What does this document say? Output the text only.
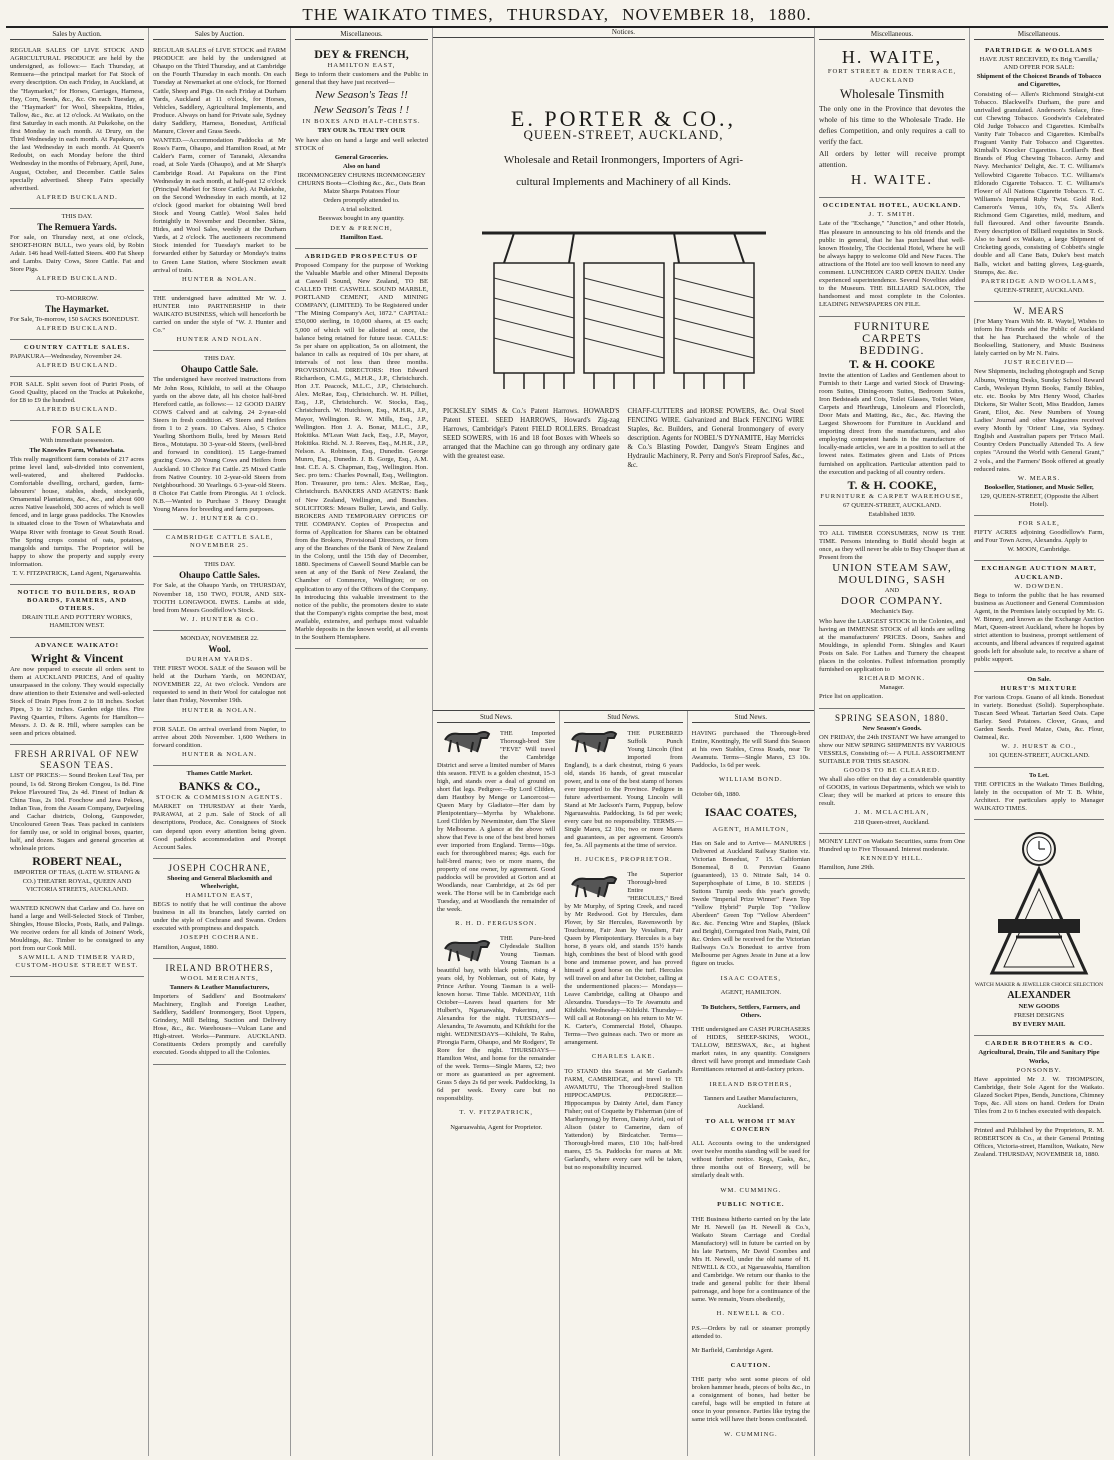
THE WAIKATO TIMES, THURSDAY, NOVEMBER 18, 1880.
Sales by Auction.

REGULAR SALES OF LIVE STOCK AND AGRICULTURAL PRODUCE are held by the undersigned, as follows:— Each Thursday, at Remuera—the principal market for Fat Stock of every description. On each Friday, in Auckland, at the "Haymarket," for Horses, Carriages, Harness, Hay, Corn, Seeds, &c., &c. On each Tuesday, at the "Haymarket" for Wool, Sheepskins, Hides, Tallow, &c., &c. at 12 o'clock. At Waikato, on the first Saturday in each month. At Pukekohe, on the first Monday in each month. At Drury, on the Third Wednesday in each month. At Papakura, on the last Wednesday in each month. At Queen's Redoubt, on each Monday before the third Wednesday in the months of February, April, June, August, October, and December. Cattle Sales specially advertised. Sheep Fairs specially advertised.

ALFRED BUCKLAND.

THIS DAY.

The Remuera Yards.

For sale, on Thursday next, at one o'clock, SHORT-HORN BULL, two years old, by Robin Adair. 146 head Well-fatted Steers. 400 Fat Sheep and Lambs. Dairy Cows, Store Cattle. Fat and Store Pigs.

ALFRED BUCKLAND.

TO-MORROW.

The Haymarket.

For Sale, To-morrow, 150 SACKS BONEDUST.

ALFRED BUCKLAND.

COUNTRY CATTLE SALES.

PAPAKURA—Wednesday, November 24.

ALFRED BUCKLAND.

FOR SALE. Split seven foot of Puriri Posts, of Good Quality, placed on the Tracks at Pukekohe, for £8 to £9 the hundred.

ALFRED BUCKLAND.

FOR SALE

With immediate possession.

The Knowles Farm, Whatawhata.

This really magnificent farm consists of 217 acres prime level land, sub-divided into convenient, well-watered, and sheltered Paddocks. Comfortable dwelling, orchard, garden, farm-labourers' house, stables, sheds, stockyards, Ornamental Plantations, &c., &c., and about 600 acres Native leasehold, 300 acres of which is well fenced, and in large grass paddocks. The Knowles is situated close to the Town of Whatawhata and Waipa River with frontage to Great South Road. The Spring crops consist of oats, potatoes, mangolds and turnips. The Proprietor will be happy to show the property and supply every information.

T. V. FITZPATRICK, Land Agent, Ngaruawahia.

NOTICE TO BUILDERS, ROAD BOARDS, FARMERS, AND OTHERS.

DRAIN TILE AND POTTERY WORKS, HAMILTON WEST.

ADVANCE WAIKATO!

Wright & Vincent

Are now prepared to execute all orders sent to them at AUCKLAND PRICES, And of quality unsurpassed in the colony. They would especially draw attention to their Extensive and well-selected Stock of Drain Pipes from 2 to 18 inches. Socket Pipes, 3 to 12 inches. Garden edge tiles. Fire Paving Quarries, Filters. Agents for Hamilton—Messrs. J. D. & R. Hill, where samples can be seen and prices obtained.

FRESH ARRIVAL OF NEW SEASON TEAS.

LIST OF PRICES:— Sound Broken Leaf Tea, per pound, 1s 6d. Strong Broken Congou, 1s 8d. Fine Pekoe Flavoured Tea, 2s 4d. Finest of Indian & China Teas, 2s 10d. Foochow and Java Pekoes, Indian Teas, from the Assam Company, Darjeeling and Cachar districts, Oolong, Gunpowder, Uncoloured Green Teas. Teas packed in canisters for family use, or sold in original boxes, quarter, half, and dozen. Sugars and general groceries at wholesale prices.

ROBERT NEAL,

IMPORTER OF TEAS, (LATE W. STRANG & CO.) THEATRE ROYAL, QUEEN AND VICTORIA STREETS, AUCKLAND.

WANTED KNOWN that Carlaw and Co. have on hand a large and Well-Selected Stock of Timber, Shingles, House Blocks, Posts, Rails, and Palings. We receive orders for all kinds of Joiners' Work, Mouldings, &c. Timber to be consigned to any port from our Cook Mill.

SAWMILL AND TIMBER YARD, CUSTOM-HOUSE STREET WEST.

Sales by Auction.

REGULAR SALES of LIVE STOCK and FARM PRODUCE are held by the undersigned at Ohaupo on the Third Thursday, and at Cambridge on the Fourth Thursday in each month. On each Tuesday at Newmarket at one o'clock, for Horned Cattle, Sheep and Pigs. On each Friday at Durham Yards, Auckland at 11 o'clock, for Horses, Vehicles, Saddlery, Agricultural Implements, and Produce. Always on hand for Private sale, Sydney dairy Saddlery, Harness, Bonedust, Artificial Manure, Clover and Grass Seeds.

WANTED.—Accommodation Paddocks at Mr Ross's Farm, Ohaupo, and Hamilton Road, at Mr Calder's Farm, corner of Taranaki, Alexandra road, at Sole Yards (Ohaupo), and at Mr Sharp's Cambridge Road. At Papakura on the First Wednesday in each month, at half-past 12 o'clock (Principal Market for Store Cattle). At Pukekohe, on the Second Wednesday in each month, at 12 o'clock (good market for obtaining Well bred Stock and Young Cattle). Wool Sales held fortnightly in November and December. Skins, Hides, and Wool Sales, weekly at the Durham Yards, at 2 o'clock. The auctioneers recommend Stock intended for Tuesday's market to be forwarded either by Saturday or Monday's trains to Green Lane Station, where Stockmen await arrival of train.

HUNTER & NOLAN.

THE undersigned have admitted Mr W. J. HUNTER into PARTNERSHIP in their WAIKATO BUSINESS, which will henceforth be carried on under the style of "W. J. Hunter and Co."

HUNTER AND NOLAN.

THIS DAY.

Ohaupo Cattle Sale.

The undersigned have received instructions from Mr John Ross, Kihikihi, to sell at the Ohaupo yards on the above date, all his choice half-bred Hereford cattle, as follows:— 12 GOOD DAIRY COWS Calved and at calving. 24 2-year-old Steers in fresh condition. 45 Steers and Heifers from 1 to 2 years. 10 Calves. Also, 5 Choice Yearling Shorthorn Bulls, bred by Messrs Reid Bros., Motutapu. 30 3-year-old Steers, (well-bred and forward in condition). 15 Large-framed grazing Cows. 20 Young Cows and Heifers from Auckland. 10 Choice Fat Cattle. 25 Mixed Cattle from Native Country. 10 2-year-old Steers from Neighbourhood. 30 Yearlings. 6 3-year-old Steers. 8 Choice Fat Cattle from Pirongia. At 1 o'clock. N.B.—Wanted to Purchase 3 Heavy Draught Young Mares for breeding and farm purposes.

W. J. HUNTER & CO.

CAMBRIDGE CATTLE SALE, NOVEMBER 25.

THIS DAY.

Ohaupo Cattle Sales.

For Sale, at the Ohaupo Yards, on THURSDAY, November 18, 150 TWO, FOUR, AND SIX-TOOTH LONGWOOL EWES. Lambs at side, bred from Messrs Goodfellow's Stock.

W. J. HUNTER & CO.

MONDAY, NOVEMBER 22.

Wool.

DURHAM YARDS.

THE FIRST WOOL SALE of the Season will be held at the Durham Yards, on MONDAY, NOVEMBER 22, At two o'clock. Vendors are requested to send in their Wool for catalogue not later than Friday, November 19th.

HUNTER & NOLAN.

FOR SALE. On arrival overland from Napier, to arrive about 20th November. 1,600 Wethers in forward condition.

HUNTER & NOLAN.

Thames Cattle Market.

BANKS & CO.,

STOCK & COMMISSION AGENTS.

MARKET on THURSDAY at their Yards, PARAWAI, at 2 p.m. Sale of Stock of all descriptions, Produce, &c. Consignees of Stock can depend upon every attention being given. Good paddock accommodation and Prompt Account Sales.

JOSEPH COCHRANE,

Shoeing and General Blacksmith and Wheelwright,

HAMILTON EAST,

BEGS to notify that he will continue the above business in all its branches, lately carried on under the style of Cochrane and Swann. Orders executed with promptness and despatch.

JOSEPH COCHRANE.

Hamilton, August, 1880.

IRELAND BROTHERS,

WOOL MERCHANTS,

Tanners & Leather Manufacturers,

Importers of Saddlers' and Bootmakers' Machinery, English and Foreign Leather, Saddlery, Saddlers' Ironmongery, Boot Uppers, Grindery, Mill Belting, Suction and Delivery Hose, &c., &c. Warehouses—Vulcan Lane and High-street. Works—Panmure. AUCKLAND. Constituents Orders promptly and carefully executed. Goods shipped to all the Colonies.

Miscellaneous.

DEY & FRENCH,

HAMILTON EAST,

Begs to inform their customers and the Public in general that they have just received—

New Season's Teas !!

New Season's Teas ! !

IN BOXES AND HALF-CHESTS.

TRY OUR 3s. TEA! TRY OUR

We have also on hand a large and well selected STOCK of

General Groceries.

Also on hand

IRONMONGERY CHURNS IRONMONGERY CHURNS Boots—Clothing &c., &c., Oats Bran Maize Sharps Potatoes Flour

Orders promptly attended to.

A trial solicited.

Beeswax bought in any quantity.

DEY & FRENCH,

Hamilton East.

ABRIDGED PROSPECTUS OF

Proposed Company for the purpose of Working the Valuable Marble and other Mineral Deposits at Caswell Sound, New Zealand, TO BE CALLED THE CASWELL SOUND MARBLE, PORTLAND CEMENT, AND MINING COMPANY, (LIMITED). To be Registered under "The Mining Company's Act, 1872." CAPITAL: £50,000 sterling, in 10,000 shares, at £5 each; 5,000 of which will be allotted at once, the balance being retained for future issue. CALLS: 5s per share on application, 5s on allotment, the balance in calls as required of 10s per share, at intervals of not less than three months. PROVISIONAL DIRECTORS: Hon Edward Richardson, C.M.G., M.H.R., J.P., Christchurch. Hon J.T. Peacock, M.L.C., J.P., Christchurch. Alex. McRae, Esq., Christchurch. W. H. Pilliet, Esq., J.P., Christchurch. W. Stocks, Esq., Christchurch. W. Hutchison, Esq., M.H.R., J.P., Mayor, Wellington. R. W. Mills, Esq., J.P., Wellington. Hon J. A. Bonar, M.L.C., J.P., Hokitika. M'Lean Watt Jack, Esq., J.P., Mayor, Hokitika. Richd. N. J. Reeves, Esq., M.H.R., J.P., Nelson. A. Robinson, Esq., Dunedin. George Munro, Esq., Dunedin. J. B. Gorge, Esq., A.M. Inst. C.E. A. S. Chapman, Esq., Wellington. Hon. Sec. pro tem.: Charles Pownall, Esq., Wellington. Hon. Treasurer, pro tem.: Alex. McRae, Esq., Christchurch. BANKERS AND AGENTS: Bank of New Zealand, Wellington, and Branches. SOLICITORS: Messrs Buller, Lewis, and Gully. BROKERS AND TEMPORARY OFFICES OF THE COMPANY. Copies of Prospectus and forms of Application for Shares can be obtained from the Brokers, Provisional Directors, or from any of the Branches of the Bank of New Zealand in the Colony, until the 15th day of December, 1880. Specimens of Caswell Sound Marble can be seen at any of the Bank of New Zealand, the Chamber of Commerce, Wellington; or on application to any of the Officers of the Company. In introducing this valuable investment to the notice of the public, the promoters desire to state that the Company's rights comprise the best, most available, extensive, and perhaps most valuable Marble deposits in the known world, at all events in the Southern Hemisphere.

Notices.
E. PORTER & CO.,
QUEEN-STREET, AUCKLAND,
Wholesale and Retail Ironmongers, Importers of Agri-
cultural Implements and Machinery of all Kinds.
PICKSLEY SIMS & Co.'s Patent Harrows. HOWARD'S Patent STEEL SEED HARROWS, Howard's Zig-zag Harrows, Cambridge's Patent FIELD ROLLERS. Broadcast SEED SOWERS, with 16 and 18 foot Boxes with Wheels so arranged that the Machine can go through any ordinary gate with the greatest ease.
CHAFF-CUTTERS and HORSE POWERS, &c. Oval Steel FENCING WIRE. Galvanized and Black FENCING WIRE Staples, &c. Builders, and General Ironmongery of every description. Agents for NOBEL'S DYNAMITE, Hay Merricks & Co.'s Blasting Powder, Dangye's Steam Engines and Hydraulic Machinery, R. Perry and Son's Fireproof Safes, &c., &c.
Stud News.

THE Imported Thorough-bred Sire "FEVE" Will travel the Cambridge District and serve a limited number of Mares this season. FEVE is a golden chestnut, 15-3 high, and stands over a deal of ground on short flat legs. Pedigree:—By Lord Clifden, dam Hautboy by Menge or Lancercost—Queen Mary by Gladiator—Her dam by Plenipotentiary—Myrrha by Whalebone. Lord Clifden by Newminster, dam The Slave by Melbourne. A glance at the above will show that Feve is one of the best bred horses ever imported from England. Terms—10gs. each for thoroughbred mares; 4gs. each for half-bred mares; two or more mares, the property of one owner, by agreement. Good paddocks will be provided at Gorton and at Woodlands, near Cambridge, at 2s 6d per week. The Horse will be in Cambridge each Tuesday, and at Woodlands the remainder of the week.

R. H. D. FERGUSSON.

THE Pure-bred Clydesdale Stallion Young Tasman. Young Tasman is a beautiful bay, with black points, rising 4 years old, by Nobleman, out of Kate, by Prince Arthur. Young Tasman is a well-known horse. Time Table. MONDAY, 11th October—Leaves head quarters for Mr Hulbert's, Ngaruawahia, Pukerimu, and Alexandra for the night. TUESDAYS—Alexandra, Te Awamutu, and Kihikihi for the night. WEDNESDAYS—Kihikihi, Te Rahu, Pirongia Farm, Ohaupo, and Mr Rodgers', Te Rore for the night. THURSDAYS—Hamilton West, and home for the remainder of the week. Terms—Single Mares, £2; two or more as guaranteed as per agreement. Grass 5 days 2s 6d per week. Paddocking, 1s 6d per week. Every care but no responsibility.

T. V. FITZPATRICK,

Ngaruawahia, Agent for Proprietor.

Stud News.

THE PUREBRED Suffolk Punch Young Lincoln (first imported from England), is a dark chestnut, rising 6 years old, stands 16 hands, of great muscular power, and is one of the best stamp of horses ever imported to the Province. Pedigree in future advertisement. Young Lincoln will Stand at Mr Jackson's Farm, Puppup, below Ngaruawahia. Paddocking, 1s 6d per week; every care but no responsibility. TERMS.—Single Mares, £2 10s; two or more Mares and guarantees, as per agreement. Groom's fee, 5s. All payments at the time of service.

H. JUCKES, PROPRIETOR.

The Superior Thorough-bred Entire "HERCULES," Bred by Mr Murphy, of Spring Creek, and raced by Mr Redwood. Got by Hercules, dam Plover, by Sir Hercules, Ravensworth by Touchstone, Fair Jean by Vestalism, Fair Queen by Plenipotentiary. Hercules is a bay horse, 8 years old, and stands 15½ hands high, combines the best of blood with good bone and immense power, and has proved himself a good horse on the turf. Hercules will travel on and after 1st October, calling at the undermentioned places:— Mondays—Leave Cambridge, calling at Ohaupo and Alexandra. Tuesdays—To Te Awamutu and Kihikihi. Wednesday—Kihikihi. Thursday—Will call at Rotorangi on his return to Mr W. K. Carter's, Commercial Hotel, Ohaupo. Terms—Two guineas each. Two or more as arrangement.

CHARLES LAKE.

TO STAND this Season at Mr Garland's FARM, CAMBRIDGE, and travel to TE AWAMUTU, The Thorough-bred Stallion HIPPOCAMPUS. PEDIGREE—Hippocampus by Dainty Ariel, dam Fancy Fisher; out of Coquette by Fisherman (sire of Maribyrnong) by Heron, Dainty Ariel, out of Alison (sister to Camerine, dam of Yattendon) by Birdcatcher. Terms—Thorough-bred mares, £10 10s; half-bred mares, £5 5s. Paddocks for mares at Mr. Garland's, where every care will be taken, but no responsibility incurred.

Stud News.

HAVING purchased the Thorough-bred Entire, Knottingly, He will Stand this Season at his own Stables, Cross Roads, near Te Awamutu. Terms—Single Mares, £3 10s. Paddocks, 1s 6d per week.

WILLIAM BOND.

October 6th, 1880.

ISAAC COATES,

AGENT, HAMILTON,

Has on Sale and to Arrive— MANURES | Delivered at Auckland Railway Station viz. Victorian Bonedust, 7 15. Californian Bonemeal, 8 0. Peruvian Guano (guaranteed), 13 0. Nitrate Salt, 14 0. Superphosphate of Lime, 8 10. SEEDS | Suttons Turnip seeds this year's growth; Swede "Imperial Prize Winner" Fawn Top "Yellow Hybrid" Purple Top "Yellow Aberdeen" Green Top "Yellow Aberdeen" &c. &c. Fencing Wire and Staples, (Black and Bright), Corrugated Iron Nails, Paint, Oil &c. Orders will be received for the Victorian Railways Co.'s Bonedust to arrive from Melbourne per Agnes Jessie in June at a low figure on trucks.

ISAAC COATES,

AGENT, HAMILTON.

To Butchers, Settlers, Farmers, and Others.

THE undersigned are CASH PURCHASERS of HIDES, SHEEP-SKINS, WOOL, TALLOW, BEESWAX, &c., at highest market rates, in any quantity. Consigners direct will have prompt and immediate Cash Remittances returned at anti-factory prices.

IRELAND BROTHERS,

Tanners and Leather Manufacturers, Auckland.

TO ALL WHOM IT MAY CONCERN

ALL Accounts owing to the undersigned over twelve months standing will be sued for without further notice. Kegs, Casks, &c., three months out of Brewery, will be similarly dealt with.

WM. CUMMING.

PUBLIC NOTICE.

THE Business hitherto carried on by the late Mr H. Newell (as H. Newell & Co.'s, Waikato Steam Carriage and Cordial Manufactory) will in future be carried on by his late Partners, Mr David Coombes and Mrs H. Newell, under the old name of H. NEWELL & CO., at Ngaruawahia, Hamilton and Cambridge. We return our thanks to the trade and general public for their liberal patronage, and hope for a continuance of the same. We remain, Yours obediently,

H. NEWELL & CO.

P.S.—Orders by rail or steamer promptly attended to.

Mr Barfield, Cambridge Agent.

CAUTION.

THE party who sent some pieces of old broken hammer heads, pieces of bolts &c., in a consignment of bones, had better be careful, bags will be emptied in future at once in your presence. Parties like trying the same trick will have their bones confiscated.

W. CUMMING.

Miscellaneous.

H. WAITE,

FORT STREET & EDEN TERRACE,

AUCKLAND

Wholesale Tinsmith

The only one in the Province that devotes the whole of his time to the Wholesale Trade. He defies Competition, and only requires a call to verify the fact.

All orders by letter will receive prompt attention.

H. WAITE.

OCCIDENTAL HOTEL, AUCKLAND.

J. T. SMITH.

Late of the "Exchange," "Junction," and other Hotels, Has pleasure in announcing to his old friends and the public in general, that he has purchased that well-known Hostelry, The Occidental Hotel, Where he will be always happy to welcome Old and New Faces. The attractions of the Hotel are too well known to need any comment. LUNCHEON CARD OPEN DAILY. Under experienced superintendence. Several Novelties added to the Museum. THE BILLIARD SALOON, The handsomest and most complete in the Colonies. LEADING NEWSPAPERS ON FILE.

FURNITURE

CARPETS

BEDDING.

T. & H. COOKE

Invite the attention of Ladies and Gentlemen about to Furnish to their Large and varied Stock of Drawing-room Suites, Dining-room Suites, Bedroom Suites, Iron Bedsteads and Cots, Toilet Glasses, Toilet Ware, Carpets and Hearthrugs, Linoleum and Floorcloth, Door Mats and Matting, &c., &c., &c. Having the Largest Showroom for Furniture in Auckland and importing direct from the manufacturers, and also employing competent hands in the manufacture of locally-made articles, we are in a position to sell at the lowest rates. Estimates given and Lists of Prices furnished on application. Particular attention paid to the execution and packing of all country orders.

T. & H. COOKE,

FURNITURE & CARPET WAREHOUSE,

67 QUEEN-STREET, AUCKLAND.

Established 1839.

TO ALL TIMBER CONSUMERS, NOW IS THE TIME. Persons intending to Build should begin at once, as they will never be able to Buy Cheaper than at Present from the

UNION STEAM SAW,

MOULDING, SASH

AND

DOOR COMPANY.

Mechanic's Bay.

Who have the LARGEST STOCK in the Colonies, and having an IMMENSE STOCK of all kinds are selling at the manufacturers' PRICES. Doors, Sashes and Mouldings, in splendid Form. Shingles and Kauri Posts on Sale. For Lathes and Turnery the cheapest places in the colonies. Fullest information promptly furnished on application to

RICHARD MONK.

Manager.

Price list on application.

SPRING SEASON, 1880.

New Season's Goods.

ON FRIDAY, the 24th INSTANT We have arranged to show our NEW SPRING SHIPMENTS BY VARIOUS VESSELS, Consisting of:— A FULL ASSORTMENT SUITABLE FOR THIS SEASON.

GOODS TO BE CLEARED.

We shall also offer on that day a considerable quantity of GOODS, in various Departments, which we wish to Clear; they will be marked at prices to ensure this result.

J. M. MCLACHLAN,

218 Queen-street, Auckland.

MONEY LENT on Waikato Securities, sums from One Hundred up to Five Thousand. Interest moderate.

KENNEDY HILL.

Hamilton, June 29th.

Miscellaneous.

PARTRIDGE & WOOLLAMS

HAVE JUST RECEIVED, Ex Brig 'Camilla,' AND OFFER FOR SALE:

Shipment of the Choicest Brands of Tobacco and Cigarettes,

Consisting of— Allen's Richmond Straight-cut Tobacco. Blackwell's Durham, the pure and unrivalled granulated. Anderson's Solace, fine-cut Chewing Tobacco. Goodwin's Celebrated Old Judge Tobacco and Cigarettes. Kimball's Vanity Fair Tobacco and Cigarettes. Kimball's Fragrant Vanity Fair Tobacco and Cigarettes. Kimball's Knocker Cigarettes. Lorillard's Best Brands of Plug Chewing Tobacco. Army and Navy. Mechanics' Delight, &c. T. C. Williams's Yellowbird Cigarette Tobacco. T.C. Williams's Eldorado Cigarette Tobacco. T. C. Williams's Flower of All Nations Cigarette Tobacco. T. C. Williams's Imperial Ruby Twist. Gold Rod. Cameron's Venus, 10's, 6's, 5's. Allen's Richmond Gem Cigarettes, mild, medium, and full flavoured. And other favourite Brands. Every description of Billiard requisites in Stock. Also to hand ex Waikato, a large Shipment of Cricketing goods, consisting of Cobbett's single double and all Cane Bats, Duke's best match Balls, wicket and batting gloves, Leg-guards, Stumps, &c. &c.

PARTRIDGE AND WOOLLAMS,

QUEEN-STREET, AUCKLAND.

W. MEARS

[For Many Years With Mr. R. Wayte], Wishes to inform his Friends and the Public of Auckland that he has Purchased the whole of the Bookselling, Stationery, and Music Business lately carried on by Mr N. Fairs.

JUST RECEIVED—

New Shipments, including photograph and Scrap Albums, Writing Desks, Sunday School Reward Cards, Wesleyan Hymn Books, Family Bibles, etc. etc. Books by Mrs Henry Wood, Charles Dickens, Sir Walter Scott, Miss Braddon, James Grant, Eliot, &c. New Numbers of Young Ladies' Journal and other Magazines received every Month by 'Orient' Line, via Sydney. English and Australian papers per 'Frisco Mail. Country Orders Punctually Attended To. A few copies "Around the World with General Grant," 2 vols., and the Farmers' Book offered at greatly reduced rates.

W. MEARS.

Bookseller, Stationer, and Music Seller,

129, QUEEN-STREET, (Opposite the Albert Hotel).

FOR SALE,

FIFTY ACRES adjoining Goodfellow's Farm, and Four Town Acres, Alexandra. Apply to

W. MOON, Cambridge.

EXCHANGE AUCTION MART, AUCKLAND.

W. DOWDEN.

Begs to inform the public that he has resumed business as Auctioneer and General Commission Agent, in the Premises lately occupied by Mr. G. W. Binney, and known as the Exchange Auction Mart, Queen-street Auckland, where he hopes by strict attention to business, prompt settlement of accounts, and liberal advances if required against goods left for absolute sale, to receive a share of public support.

On Sale.

HURST'S MIXTURE

For various Crops. Guano of all kinds. Bonedust in variety. Bonedust (Solid). Superphosphate. Tuscan Seed Wheat. Tartarian Seed Oats. Cape Barley. Seed Potatoes. Clover, Grass, and Garden Seeds. Feed Maize, Oats, &c. Flour, Oatmeal, &c.

W. J. HURST & CO.,

101 QUEEN-STREET, AUCKLAND.

To Let.

THE OFFICES in the Waikato Times Building, lately in the occupation of Mr T. B. White, Architect. For particulars apply to Manager WAIKATO TIMES.

WATCH MAKER & JEWELLER CHOICE SELECTION

ALEXANDER

NEW GOODS

FRESH DESIGNS

BY EVERY MAIL

CARDER BROTHERS & CO.

Agricultural, Drain, Tile and Sanitary Pipe Works,

PONSONBY.

Have appointed Mr J. W. THOMPSON, Cambridge, their Sole Agent for the Waikato. Glazed Socket Pipes, Bends, Junctions, Chimney Tops, &c. All sizes on hand. Orders for Drain Tiles from 2 to 6 inches executed with despatch.

Printed and Published by the Proprietors, R. M. ROBERTSON & Co., at their General Printing Offices, Victoria-street, Hamilton, Waikato, New Zealand. THURSDAY, NOVEMBER 18, 1880.
